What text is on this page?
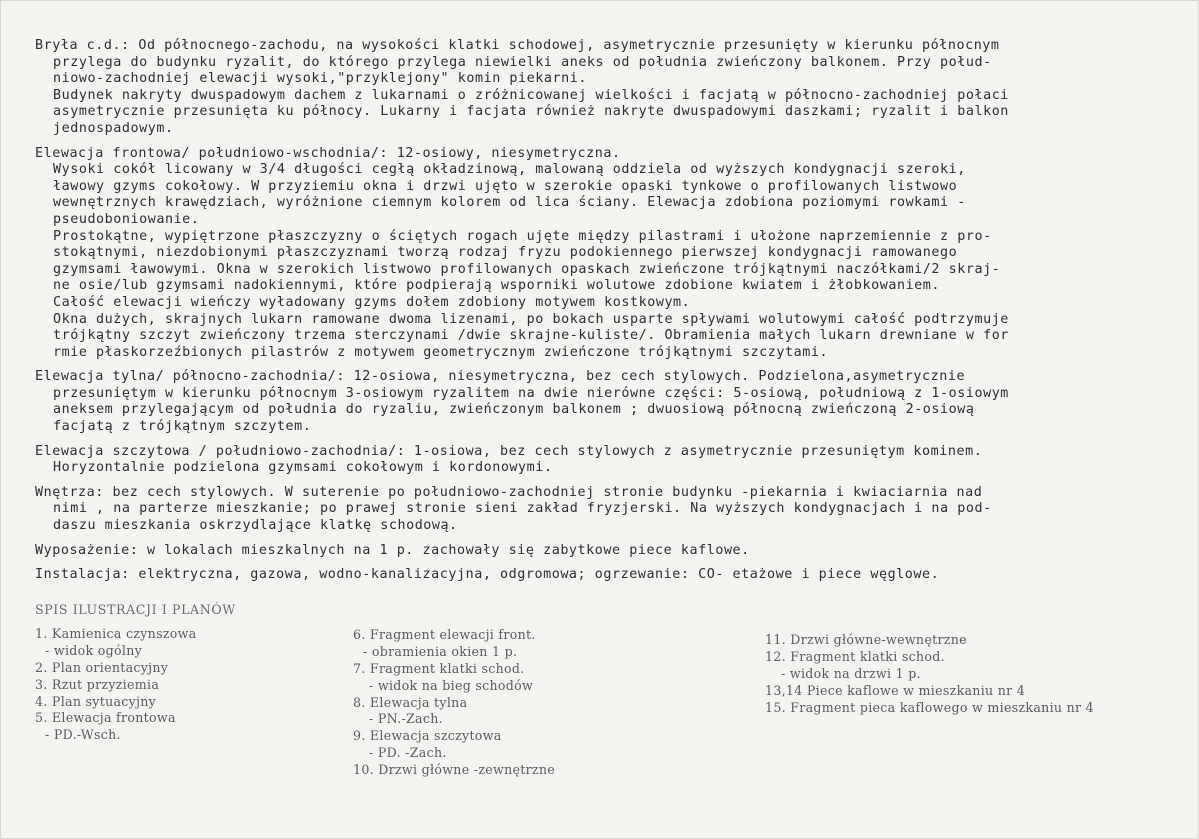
Bryła c.d.: Od północnego-zachodu, na wysokości klatki schodowej, asymetrycznie przesunięty w kierunku północnym
przylega do budynku ryzalit, do którego przylega niewielki aneks od południa zwieńczony balkonem. Przy połud-
niowo-zachodniej elewacji wysoki,"przyklejony" komin piekarni.
Budynek nakryty dwuspadowym dachem z lukarnami o zróżnicowanej wielkości i facjatą w północno-zachodniej połaci
asymetrycznie przesunięta ku północy. Lukarny i facjata również nakryte dwuspadowymi daszkami; ryzalit i balkon
jednospadowym.
Elewacja frontowa/ południowo-wschodnia/: 12-osiowy, niesymetryczna.
Wysoki cokół licowany w 3/4 długości cegłą okładzinową, malowaną oddziela od wyższych kondygnacji szeroki,
ławowy gzyms cokołowy. W przyziemiu okna i drzwi ujęto w szerokie opaski tynkowe o profilowanych listwowo
wewnętrznych krawędziach, wyróżnione ciemnym kolorem od lica ściany. Elewacja zdobiona poziomymi rowkami -
pseudoboniowanie.
Prostokątne, wypiętrzone płaszczyzny o ściętych rogach ujęte między pilastrami i ułożone naprzemiennie z pro-
stokątnymi, niezdobionymi płaszczyznami tworzą rodzaj fryzu podokiennego pierwszej kondygnacji ramowanego
gzymsami ławowymi. Okna w szerokich listwowo profilowanych opaskach zwieńczone trójkątnymi naczółkami/2 skraj-
ne osie/lub gzymsami nadokiennymi, które podpierają wsporniki wolutowe zdobione kwiatem i żłobkowaniem.
Całość elewacji wieńczy wyładowany gzyms dołem zdobiony motywem kostkowym.
Okna dużych, skrajnych lukarn ramowane dwoma lizenami, po bokach usparte spływami wolutowymi całość podtrzymuje
trójkątny szczyt zwieńczony trzema sterczynami /dwie skrajne-kuliste/. Obramienia małych lukarn drewniane w for
rmie płaskorzeźbionych pilastrów z motywem geometrycznym zwieńczone trójkątnymi szczytami.
Elewacja tylna/ północno-zachodnia/: 12-osiowa, niesymetryczna, bez cech stylowych. Podzielona,asymetrycznie
przesuniętym w kierunku północnym 3-osiowym ryzalitem na dwie nierówne części: 5-osiową, południową z 1-osiowym
aneksem przylegającym od południa do ryzaliu, zwieńczonym balkonem ; dwuosiową północną zwieńczoną 2-osiową
facjatą z trójkątnym szczytem.
Elewacja szczytowa / południowo-zachodnia/: 1-osiowa, bez cech stylowych z asymetrycznie przesuniętym kominem.
Horyzontalnie podzielona gzymsami cokołowym i kordonowymi.
Wnętrza: bez cech stylowych. W suterenie po południowo-zachodniej stronie budynku -piekarnia i kwiaciarnia nad
nimi , na parterze mieszkanie; po prawej stronie sieni zakład fryzjerski. Na wyższych kondygnacjach i na pod-
daszu mieszkania oskrzydlające klatkę schodową.
Wyposażenie: w lokalach mieszkalnych na 1 p. zachowały się zabytkowe piece kaflowe.
Instalacja: elektryczna, gazowa, wodno-kanalizacyjna, odgromowa; ogrzewanie: CO- etażowe i piece węglowe.
SPIS ILUSTRACJI I PLANÓW
1. Kamienica czynszowa
- widok ogólny
2. Plan orientacyjny
3. Rzut przyziemia
4. Plan sytuacyjny
5. Elewacja frontowa
- PD.-Wsch.
6. Fragment elewacji front.
- obramienia okien 1 p.
7. Fragment klatki schod.
- widok na bieg schodów
8. Elewacja tylna
- PN.-Zach.
9. Elewacja szczytowa
- PD. -Zach.
10. Drzwi główne -zewnętrzne
11. Drzwi główne-wewnętrzne
12. Fragment klatki schod.
- widok na drzwi 1 p.
13,14 Piece kaflowe w mieszkaniu nr 4
15. Fragment pieca kaflowego w mieszkaniu nr 4
